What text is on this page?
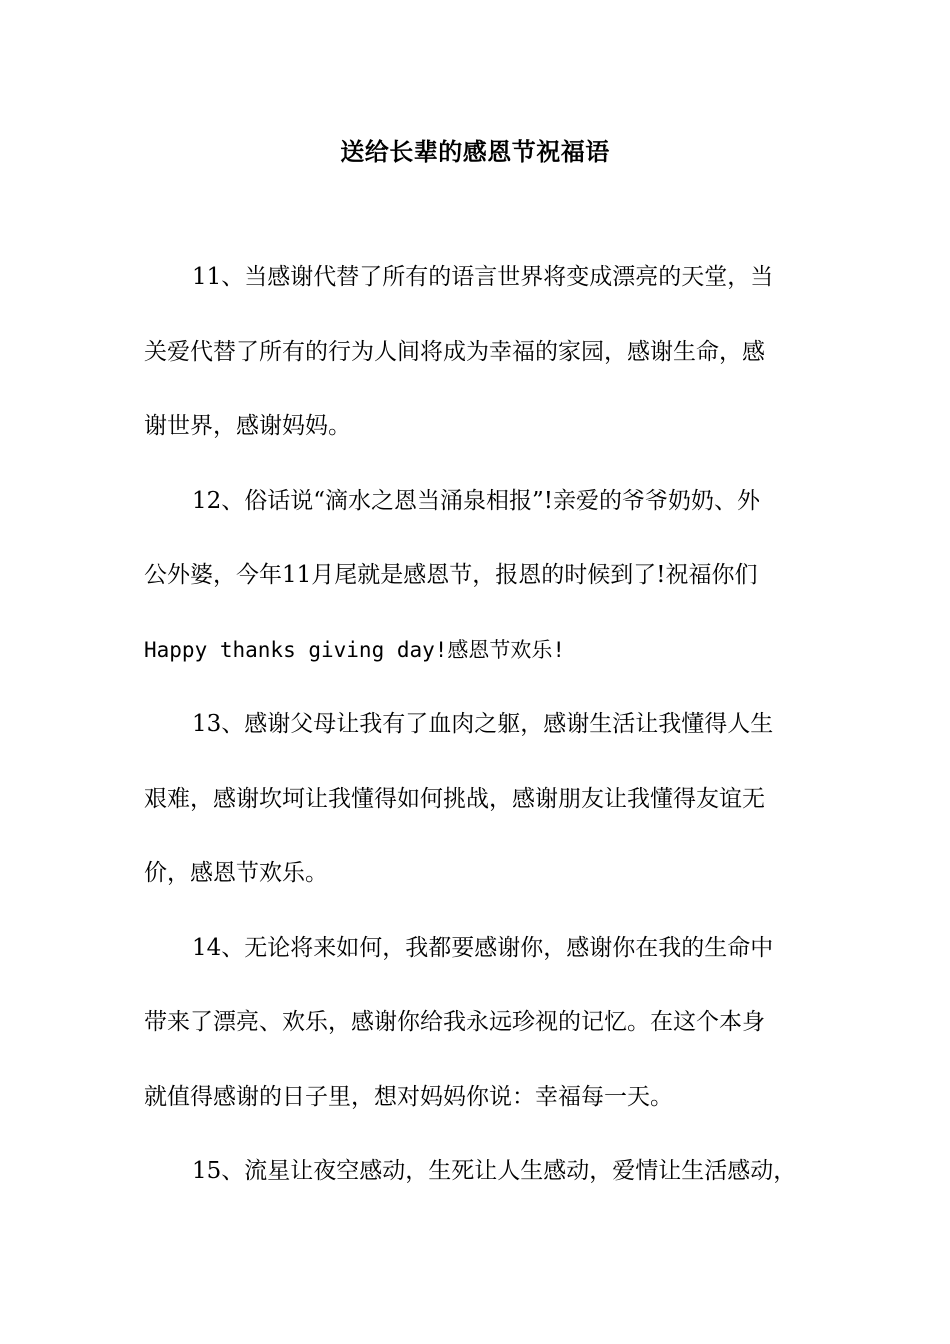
送给长辈的感恩节祝福语
11、当感谢代替了所有的语言世界将变成漂亮的天堂，当
关爱代替了所有的行为人间将成为幸福的家园，感谢生命，感
谢世界，感谢妈妈。
12、俗话说“滴水之恩当涌泉相报”!亲爱的爷爷奶奶、外
公外婆，今年11月尾就是感恩节，报恩的时候到了!祝福你们
Happy thanks giving day!感恩节欢乐!
13、感谢父母让我有了血肉之躯，感谢生活让我懂得人生
艰难，感谢坎坷让我懂得如何挑战，感谢朋友让我懂得友谊无
价，感恩节欢乐。
14、无论将来如何，我都要感谢你，感谢你在我的生命中
带来了漂亮、欢乐，感谢你给我永远珍视的记忆。在这个本身
就值得感谢的日子里，想对妈妈你说：幸福每一天。
15、流星让夜空感动，生死让人生感动，爱情让生活感动，
